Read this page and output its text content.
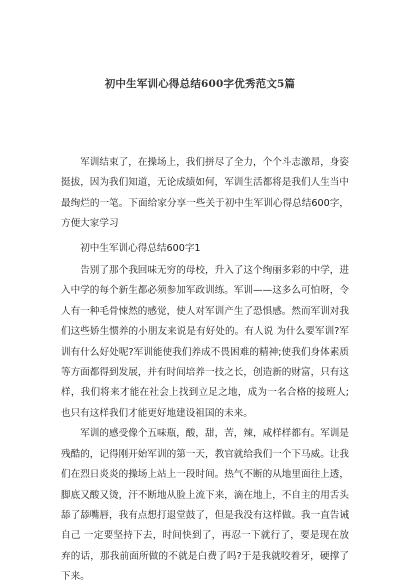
初中生军训心得总结600字优秀范文5篇

军训结束了，在操场上，我们拼尽了全力，个个斗志激昂，身姿挺拔，因为我们知道，无论成绩如何，军训生活都将是我们人生当中最绚烂的一笔。下面给家分享一些关于初中生军训心得总结600字，方便大家学习

初中生军训心得总结600字1

告别了那个我回味无穷的母校，升入了这个绚丽多彩的中学，进入中学的每个新生都必须参加军政训练。军训——这多么可怕呀，令人有一种毛骨悚然的感觉，使人对军训产生了恐惧感。然而军训对我们这些娇生惯养的小朋友来说是有好处的。有人说 为什么要军训?军训有什么好处呢?军训能使我们养成不畏困难的精神;使我们身体素质等方面都得到发展，并有时间培养一技之长，创造新的财富，只有这样，我们将来才能在社会上找到立足之地，成为一名合格的接班人;也只有这样我们才能更好地建设祖国的未来。

军训的感受像个五味瓶，酸，甜，苦，辣，咸样样都有。军训是残酷的，记得刚开始军训的第一天，教官就给我们一个下马威。让我们在烈日炎炎的操场上站上一段时间。热气不断的从地里面往上透，脚底又酸又烫，汗不断地从脸上流下来，滴在地上，不自主的用舌头舔了舔嘴唇，我有点想打退堂鼓了，但是我没有这样做。我一直告诫自己 一定要坚持下去，时间快到了，再忍一下就行了，要是现在放弃的话，那我前面所做的不就是白费了吗?于是我就咬着牙，硬撑了下来。
